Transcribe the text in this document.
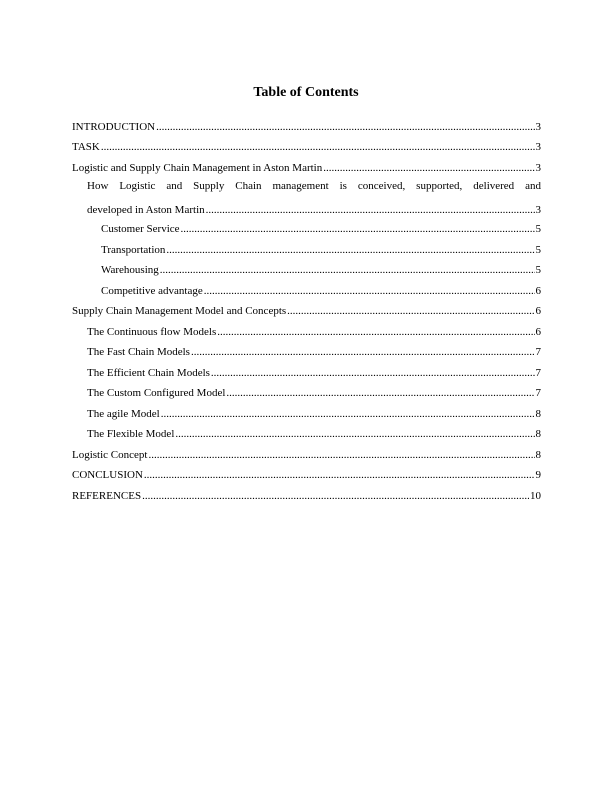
Table of Contents
INTRODUCTION .....	3
TASK .....	3
Logistic and Supply Chain Management in Aston Martin .....	3
How Logistic and Supply Chain management is conceived, supported, delivered and
developed in Aston Martin .....	3
Customer Service .....	5
Transportation .....	5
Warehousing .....	5
Competitive advantage .....	6
Supply Chain Management Model and Concepts .....	6
The Continuous flow Models .....	6
The Fast Chain Models .....	7
The Efficient Chain Models .....	7
The Custom Configured Model .....	7
The agile Model .....	8
The Flexible Model .....	8
Logistic Concept .....	8
CONCLUSION .....	9
REFERENCES .....	10
